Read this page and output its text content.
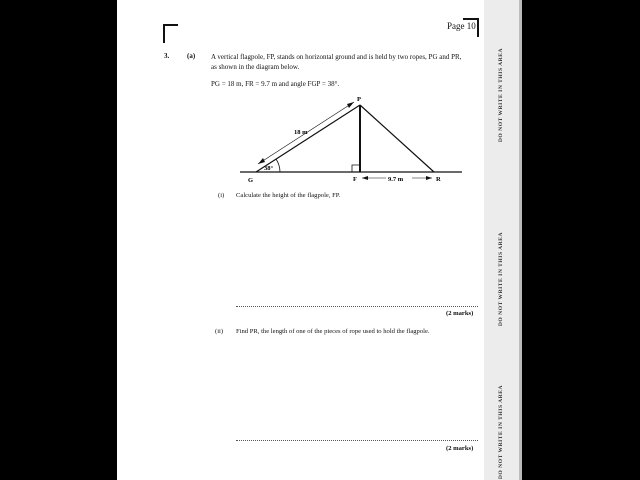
DO NOT WRITE IN THIS AREA
DO NOT WRITE IN THIS AREA
DO NOT WRITE IN THIS AREA
Page 10
3.	(a) A vertical flagpole, FP, stands on horizontal ground and is held by two ropes, PG and PR,
as shown in the diagram below.
PG = 18 m, FR = 9.7 m and angle FGP = 38°.
P
G	F	R
18 m
38°
9.7 m
(i) Calculate the height of the flagpole, FP.
(2 marks)
(ii) Find PR, the length of one of the pieces of rope used to hold the flagpole.
(2 marks)
